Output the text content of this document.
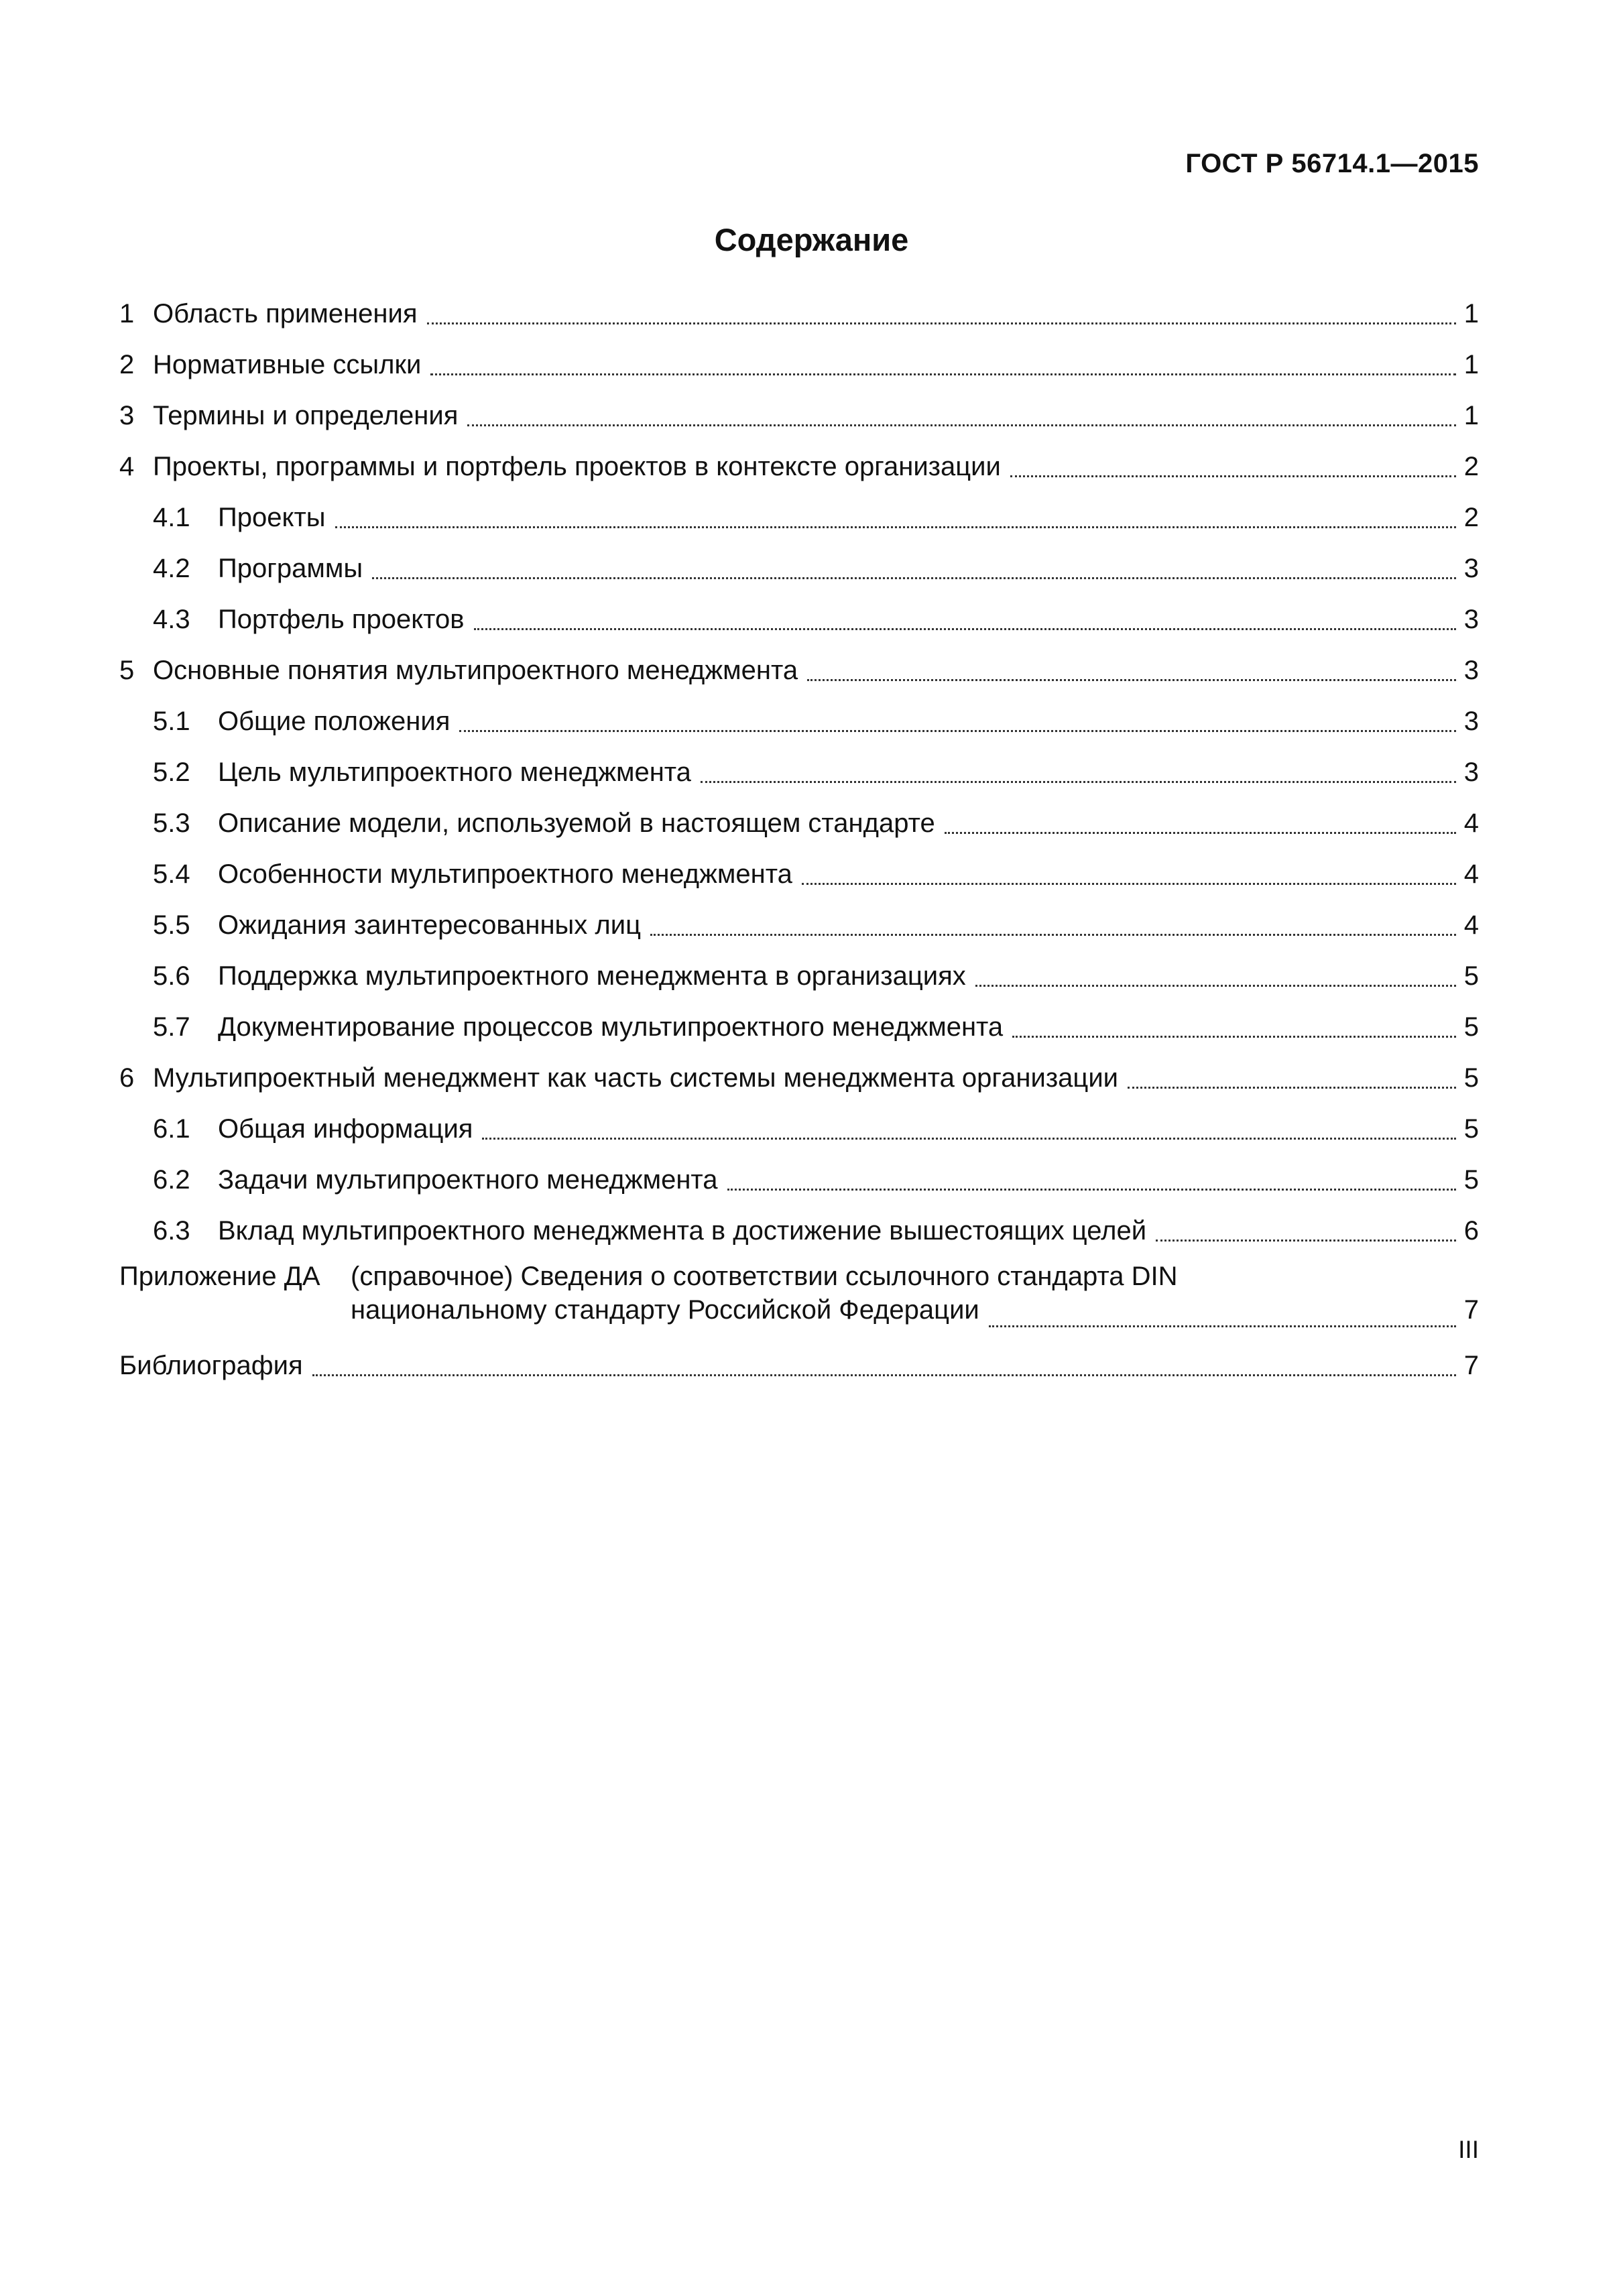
ГОСТ Р 56714.1—2015
Содержание
1 Область применения	1
2 Нормативные ссылки	1
3 Термины и определения	1
4 Проекты, программы и портфель проектов в контексте организации	2
4.1	Проекты	2
4.2	Программы	3
4.3	Портфель проектов	3
5 Основные понятия мультипроектного менеджмента	3
5.1	Общие положения	3
5.2	Цель мультипроектного менеджмента	3
5.3	Описание модели, используемой в настоящем стандарте	4
5.4	Особенности мультипроектного менеджмента	4
5.5	Ожидания заинтересованных лиц	4
5.6	Поддержка мультипроектного менеджмента в организациях	5
5.7	Документирование процессов мультипроектного менеджмента	5
6 Мультипроектный менеджмент как часть системы менеджмента организации	5
6.1	Общая информация	5
6.2	Задачи мультипроектного менеджмента	5
6.3	Вклад мультипроектного менеджмента в достижение вышестоящих целей	6
Приложение ДА (справочное) Сведения о соответствии ссылочного стандарта DIN
национальному стандарту Российской Федерации	7
Библиография	7
III
